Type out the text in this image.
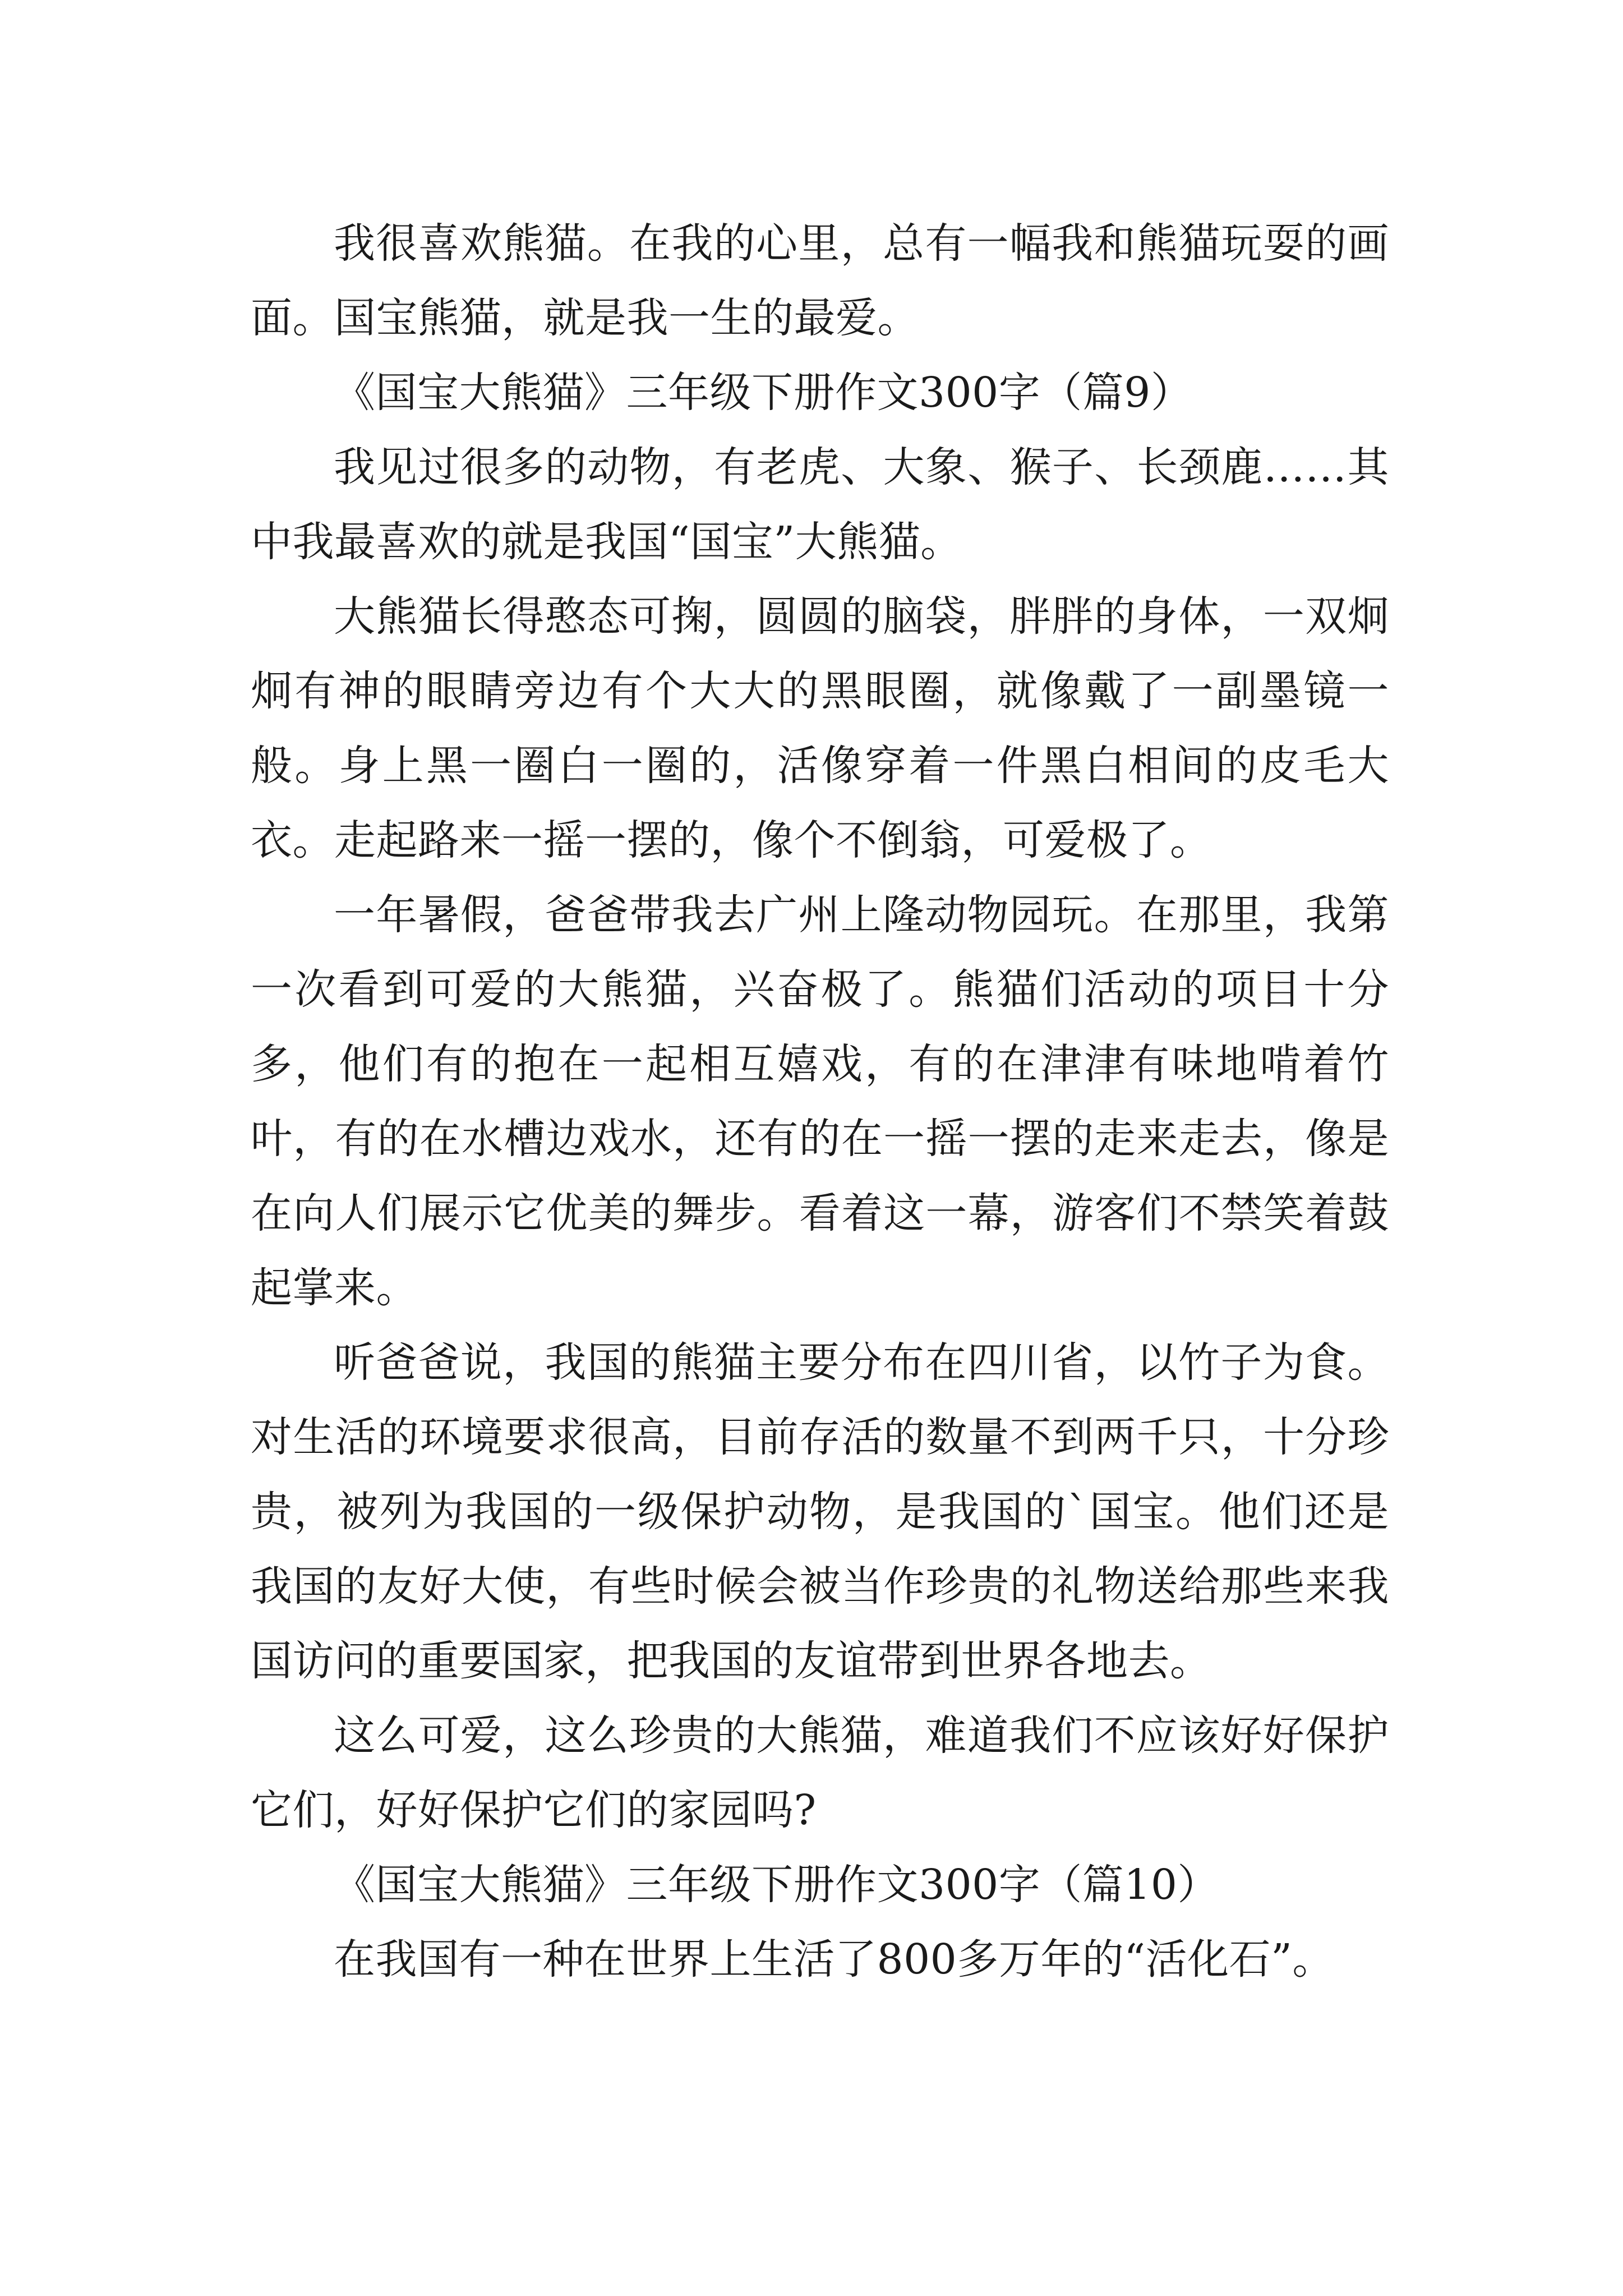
我很喜欢熊猫。在我的心里，总有一幅我和熊猫玩耍的画面。国宝熊猫，就是我一生的最爱。

《国宝大熊猫》三年级下册作文300字（篇9）

我见过很多的动物，有老虎、大象、猴子、长颈鹿……其中我最喜欢的就是我国“国宝”大熊猫。

大熊猫长得憨态可掬，圆圆的脑袋，胖胖的身体，一双炯炯有神的眼睛旁边有个大大的黑眼圈，就像戴了一副墨镜一般。身上黑一圈白一圈的，活像穿着一件黑白相间的皮毛大衣。走起路来一摇一摆的，像个不倒翁，可爱极了。

一年暑假，爸爸带我去广州上隆动物园玩。在那里，我第一次看到可爱的大熊猫，兴奋极了。熊猫们活动的项目十分多，他们有的抱在一起相互嬉戏，有的在津津有味地啃着竹叶，有的在水槽边戏水，还有的在一摇一摆的走来走去，像是在向人们展示它优美的舞步。看着这一幕，游客们不禁笑着鼓起掌来。

听爸爸说，我国的熊猫主要分布在四川省，以竹子为食。对生活的环境要求很高，目前存活的数量不到两千只，十分珍贵，被列为我国的一级保护动物，是我国的`国宝。他们还是我国的友好大使，有些时候会被当作珍贵的礼物送给那些来我国访问的重要国家，把我国的友谊带到世界各地去。

这么可爱，这么珍贵的大熊猫，难道我们不应该好好保护它们，好好保护它们的家园吗?

《国宝大熊猫》三年级下册作文300字（篇10）

在我国有一种在世界上生活了800多万年的“活化石”。
